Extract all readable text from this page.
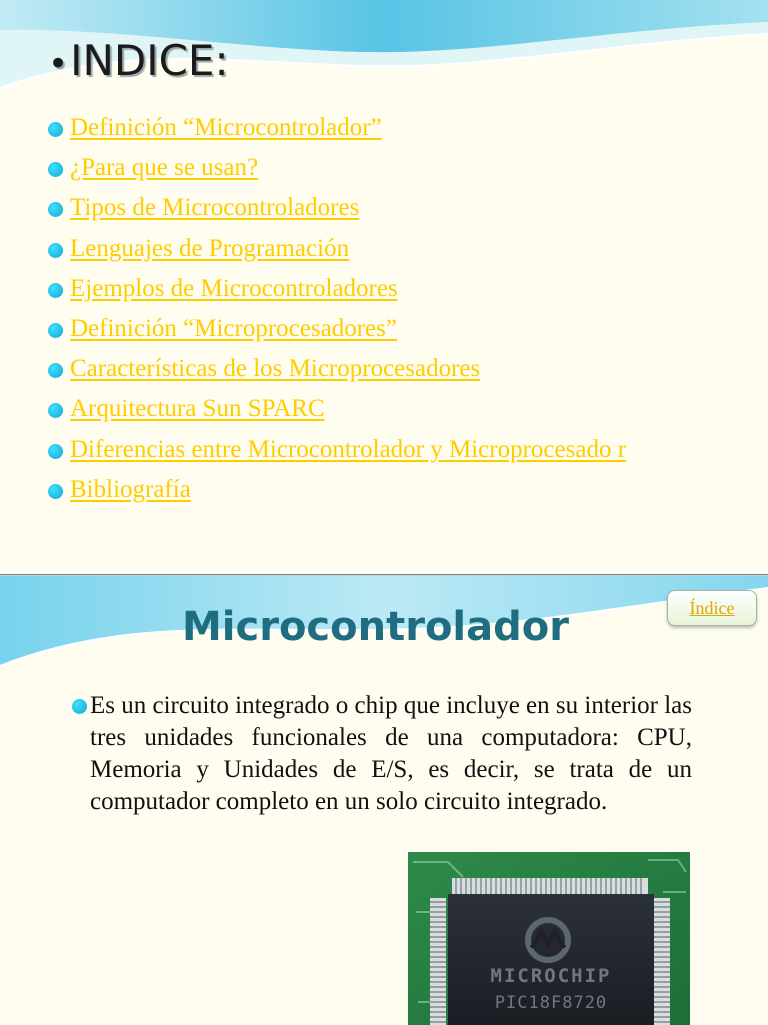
•INDICE:
Definición “Microcontrolador”
¿Para que se usan?
Tipos de Microcontroladores
Lenguajes de Programación
Ejemplos de Microcontroladores
Definición “Microprocesadores”
Características de los Microprocesadores
Arquitectura Sun SPARC
Diferencias entre Microcontrolador y Microprocesado r
Bibliografía
Índice
Microcontrolador

Es un circuito integrado o chip que incluye en su interior las tres unidades funcionales de una computadora: CPU, Memoria y Unidades de E/S, es decir, se trata de un computador completo en un solo circuito integrado.

MICROCHIP
PIC18F8720
